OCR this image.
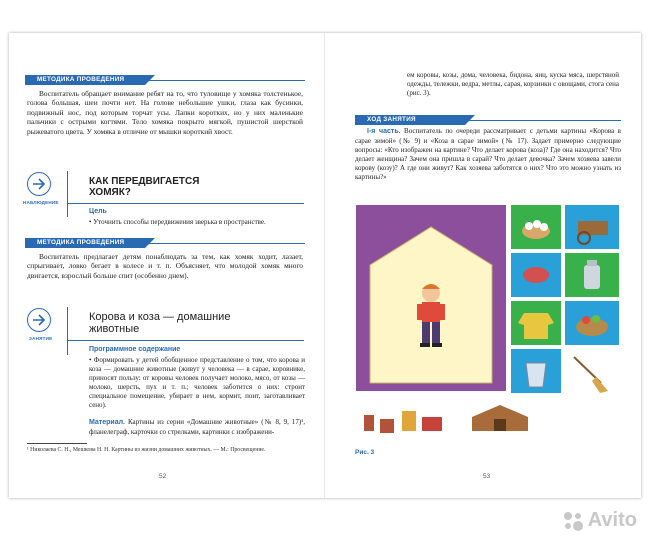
МЕТОДИКА ПРОВЕДЕНИЯ
Воспитатель обращает внимание ребят на то, что туловище у хомяка толстенькое, голова большая, шеи почти нет. На голове небольшие ушки, глаза как бусинки, подвижный нос, под которым торчат усы. Лапки коротких, но у них маленькие пальчики с острыми когтями. Тело хомяка покрыто мягкой, пушистой шерсткой рыжеватого цвета. У хомяка в отличие от мышки короткий хвост.
НАБЛЮДЕНИЕ
КАК ПЕРЕДВИГАЕТСЯ ХОМЯК?
Цель
• Уточнить способы передвижения зверька в пространстве.
МЕТОДИКА ПРОВЕДЕНИЯ
Воспитатель предлагает детям понаблюдать за тем, как хомяк ходит, лазает, спрыгивает, ловко бегает в колесе и т. п. Объясняет, что молодой хомяк много двигается, взрослый больше спит (особенно днем).
ЗАНЯТИЕ
Корова и коза — домашние животные
Программное содержание
• Формировать у детей обобщенное представление о том, что корова и коза — домашние животные (живут у человека — в сарае, коровнике, приносят пользу: от коровы человек получает молоко, мясо, от козы — молоко, шерсть, пух и т. п.; человек заботится о них: строит специальное помещение, убирает в нем, кормит, поит, заготавливает сено).
Материал. Картины из серии «Домашние животные» (№ 8, 9, 17)¹, фланелеграф, карточки со стрелками, картинки с изображени-
¹ Николаева С. Н., Мешкова Н. Н. Картины из жизни домашних животных. — М.: Просвещение.
52
ем коровы, козы, дома, человека, бидона, яиц, куска мяса, шерстяной одежды, тележки, ведра, метлы, сарая, корзинки с овощами, стога сена (рис. 3).
ХОД ЗАНЯТИЯ
I-я часть. Воспитатель по очереди рассматривает с детьми картины «Корова в сарае зимой» (№ 9) и «Коза в сарае зимой» (№ 17). Задает примерно следующие вопросы: «Кто изображен на картине? Что делает корова (коза)? Где она находится? Что делает женщина? Зачем она пришла в сарай? Что делает девочка? Зачем хозяева завели корову (козу)? А где они живут? Как хозяева заботятся о них? Что это можно узнать из картины?»
Рис. 3
53
Avito
